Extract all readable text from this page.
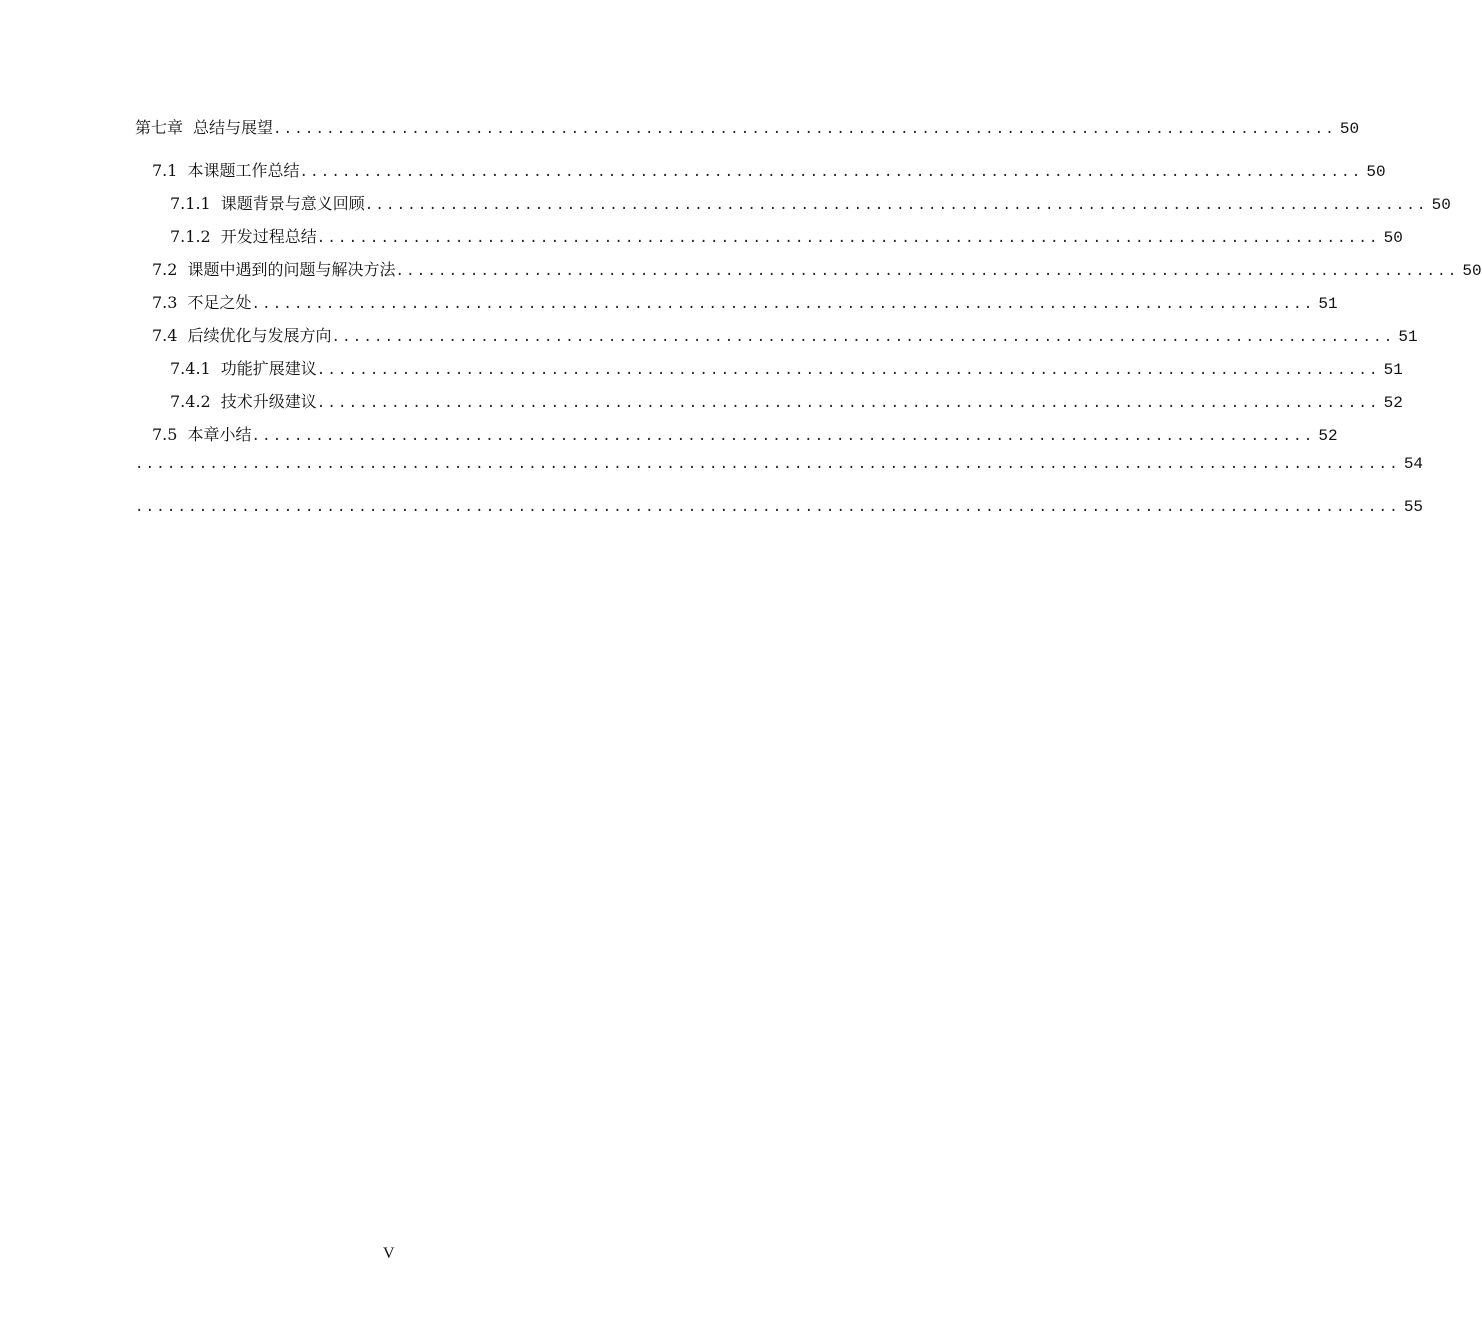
第七章 总结与展望 .................................................................................................... 50
7.1 本课题工作总结 .................................................................................................... 50
7.1.1 课题背景与意义回顾 .................................................................................................... 50
7.1.2 开发过程总结 .................................................................................................... 50
7.2 课题中遇到的问题与解决方法 .................................................................................................... 50
7.3 不足之处 .................................................................................................... 51
7.4 后续优化与发展方向 .................................................................................................... 51
7.4.1 功能扩展建议 .................................................................................................... 51
7.4.2 技术升级建议 .................................................................................................... 52
7.5 本章小结 .................................................................................................... 52
....................................................................................................................... 54
....................................................................................................................... 55
V
